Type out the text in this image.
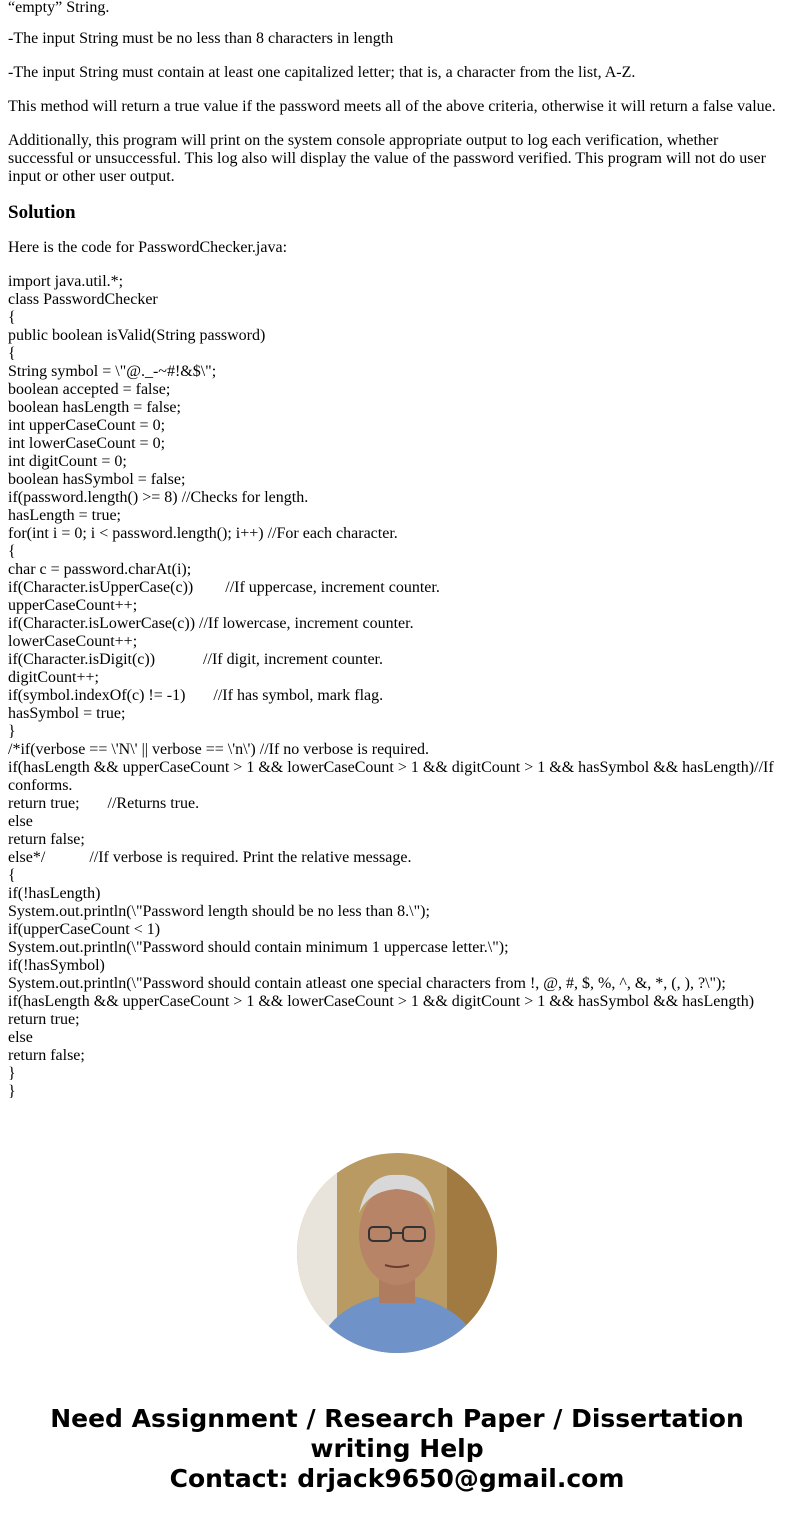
“empty” String.

-The input String must be no less than 8 characters in length

-The input String must contain at least one capitalized letter; that is, a character from the list, A-Z.

This method will return a true value if the password meets all of the above criteria, otherwise it will return a false value.

Additionally, this program will print on the system console appropriate output to log each verification, whether successful or unsuccessful. This log also will display the value of the password verified. This program will not do user input or other user output.

Solution

Here is the code for PasswordChecker.java:

import java.util.*;
class PasswordChecker
{
public boolean isValid(String password)
{
String symbol = \"@._-~#!&$\";
boolean accepted = false;
boolean hasLength = false;
int upperCaseCount = 0;
int lowerCaseCount = 0;
int digitCount = 0;
boolean hasSymbol = false;
if(password.length() >= 8) //Checks for length.
hasLength = true;
for(int i = 0; i < password.length(); i++) //For each character.
{
char c = password.charAt(i);
if(Character.isUpperCase(c))        //If uppercase, increment counter.
upperCaseCount++;
if(Character.isLowerCase(c)) //If lowercase, increment counter.
lowerCaseCount++;
if(Character.isDigit(c))            //If digit, increment counter.
digitCount++;
if(symbol.indexOf(c) != -1)       //If has symbol, mark flag.
hasSymbol = true;
}
/*if(verbose == \'N\' || verbose == \'n\') //If no verbose is required.
if(hasLength && upperCaseCount > 1 && lowerCaseCount > 1 && digitCount > 1 && hasSymbol && hasLength)//If conforms.
return true;       //Returns true.
else
return false;
else*/           //If verbose is required. Print the relative message.
{
if(!hasLength)
System.out.println(\"Password length should be no less than 8.\");
if(upperCaseCount < 1)
System.out.println(\"Password should contain minimum 1 uppercase letter.\");
if(!hasSymbol)
System.out.println(\"Password should contain atleast one special characters from !, @, #, $, %, ^, &, *, (, ), ?\");
if(hasLength && upperCaseCount > 1 && lowerCaseCount > 1 && digitCount > 1 && hasSymbol && hasLength)
return true;
else
return false;
}
}
Need Assignment / Research Paper / Dissertation
writing Help
Contact: drjack9650@gmail.com
